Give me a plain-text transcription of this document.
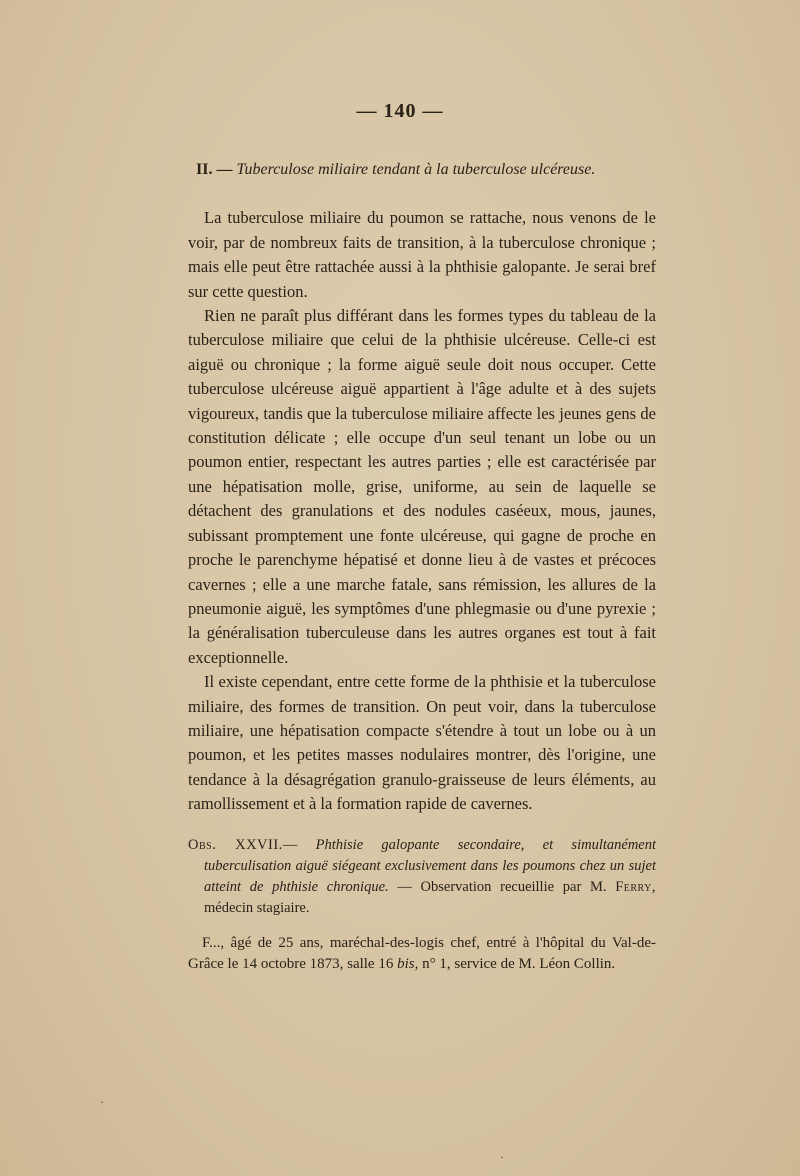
— 140 —
II. — Tuberculose miliaire tendant à la tuberculose ulcéreuse.

La tuberculose miliaire du poumon se rattache, nous venons de le voir, par de nombreux faits de transition, à la tuberculose chronique ; mais elle peut être rattachée aussi à la phthisie galopante. Je serai bref sur cette question.

Rien ne paraît plus différant dans les formes types du tableau de la tuberculose miliaire que celui de la phthisie ulcéreuse. Celle-ci est aiguë ou chronique ; la forme aiguë seule doit nous occuper. Cette tuberculose ulcéreuse aiguë appartient à l'âge adulte et à des sujets vigoureux, tandis que la tuberculose miliaire affecte les jeunes gens de constitution délicate ; elle occupe d'un seul tenant un lobe ou un poumon entier, respectant les autres parties ; elle est caractérisée par une hépatisation molle, grise, uniforme, au sein de laquelle se détachent des granulations et des nodules caséeux, mous, jaunes, subissant promptement une fonte ulcéreuse, qui gagne de proche en proche le parenchyme hépatisé et donne lieu à de vastes et précoces cavernes ; elle a une marche fatale, sans rémission, les allures de la pneumonie aiguë, les symptômes d'une phlegmasie ou d'une pyrexie ; la généralisation tuberculeuse dans les autres organes est tout à fait exceptionnelle.

Il existe cependant, entre cette forme de la phthisie et la tuberculose miliaire, des formes de transition. On peut voir, dans la tuberculose miliaire, une hépatisation compacte s'étendre à tout un lobe ou à un poumon, et les petites masses nodulaires montrer, dès l'origine, une tendance à la désagrégation granulo-graisseuse de leurs éléments, au ramollissement et à la formation rapide de cavernes.

Obs. XXVII.— Phthisie galopante secondaire, et simultanément tuberculisation aiguë siégeant exclusivement dans les poumons chez un sujet atteint de phthisie chronique. — Observation recueillie par M. Ferry, médecin stagiaire.
F..., âgé de 25 ans, maréchal-des-logis chef, entré à l'hôpital du Val-de-Grâce le 14 octobre 1873, salle 16 bis, n° 1, service de M. Léon Collin.
·
·
